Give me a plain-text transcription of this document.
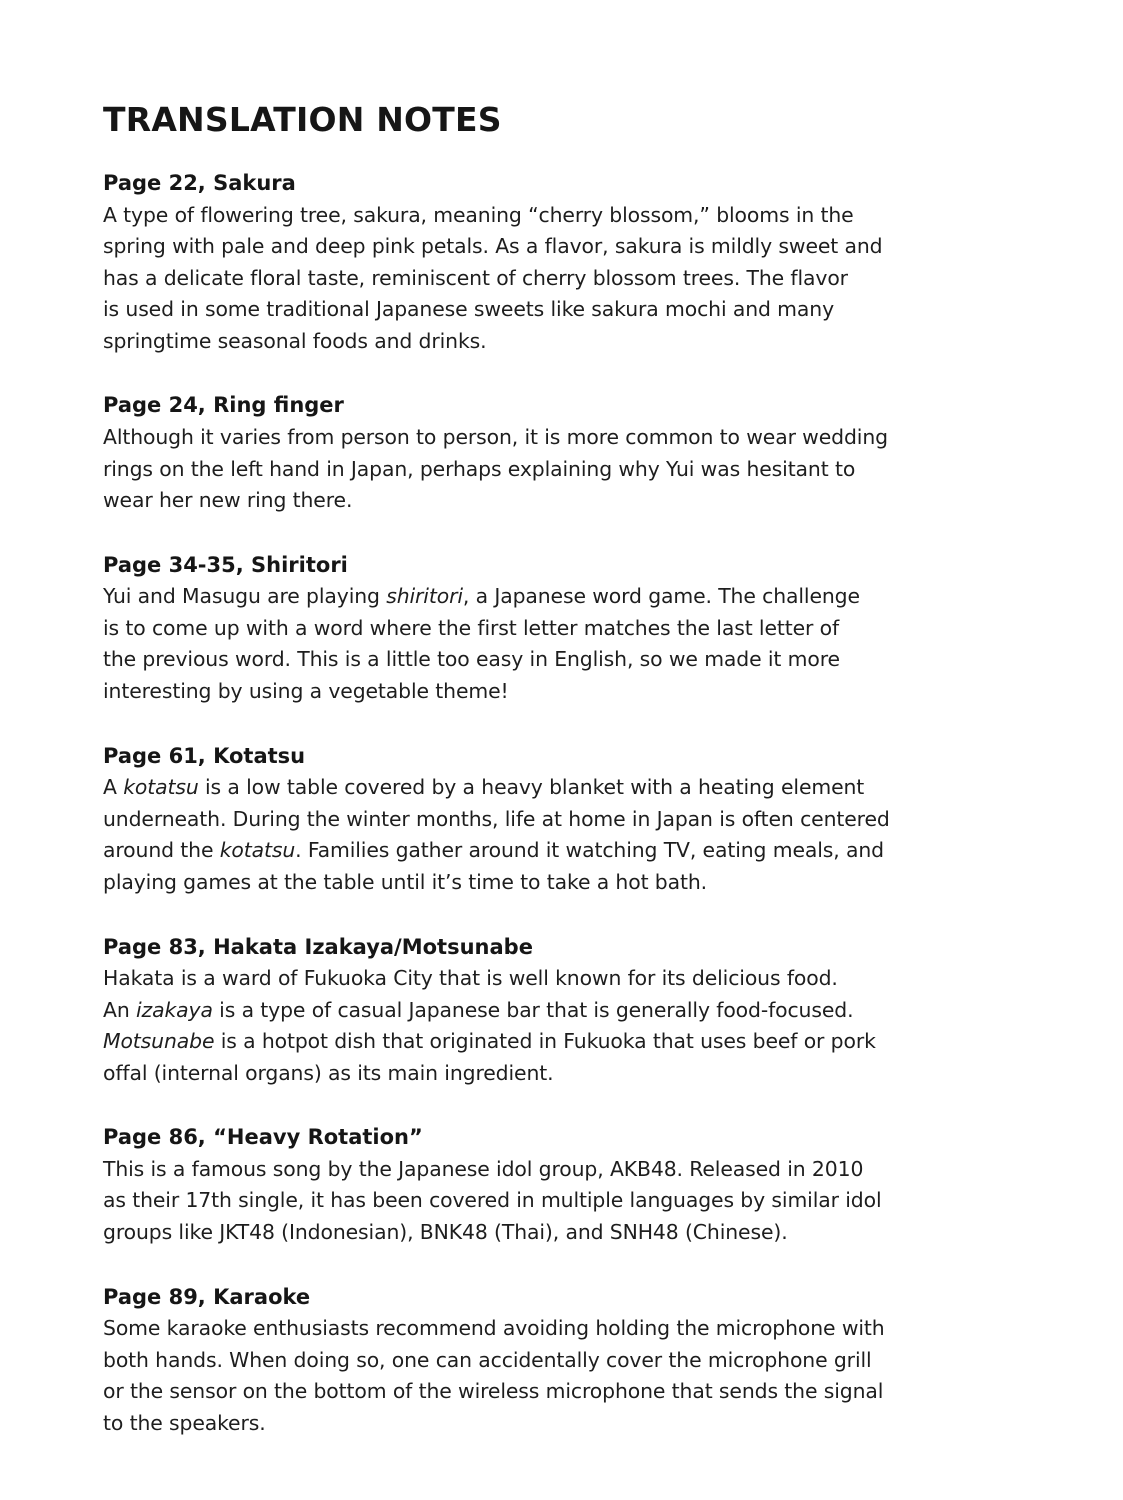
TRANSLATION NOTES
Page 22, Sakura

A type of flowering tree, sakura, meaning “cherry blossom,” blooms in the
spring with pale and deep pink petals. As a flavor, sakura is mildly sweet and
has a delicate floral taste, reminiscent of cherry blossom trees. The flavor
is used in some traditional Japanese sweets like sakura mochi and many
springtime seasonal foods and drinks.

Page 24, Ring finger

Although it varies from person to person, it is more common to wear wedding
rings on the left hand in Japan, perhaps explaining why Yui was hesitant to
wear her new ring there.

Page 34-35, Shiritori

Yui and Masugu are playing shiritori, a Japanese word game. The challenge
is to come up with a word where the first letter matches the last letter of
the previous word. This is a little too easy in English, so we made it more
interesting by using a vegetable theme!

Page 61, Kotatsu

A kotatsu is a low table covered by a heavy blanket with a heating element
underneath. During the winter months, life at home in Japan is often centered
around the kotatsu. Families gather around it watching TV, eating meals, and
playing games at the table until it’s time to take a hot bath.

Page 83, Hakata Izakaya/Motsunabe

Hakata is a ward of Fukuoka City that is well known for its delicious food.
An izakaya is a type of casual Japanese bar that is generally food-focused.
Motsunabe is a hotpot dish that originated in Fukuoka that uses beef or pork
offal (internal organs) as its main ingredient.

Page 86, “Heavy Rotation”

This is a famous song by the Japanese idol group, AKB48. Released in 2010
as their 17th single, it has been covered in multiple languages by similar idol
groups like JKT48 (Indonesian), BNK48 (Thai), and SNH48 (Chinese).

Page 89, Karaoke

Some karaoke enthusiasts recommend avoiding holding the microphone with
both hands. When doing so, one can accidentally cover the microphone grill
or the sensor on the bottom of the wireless microphone that sends the signal
to the speakers.
